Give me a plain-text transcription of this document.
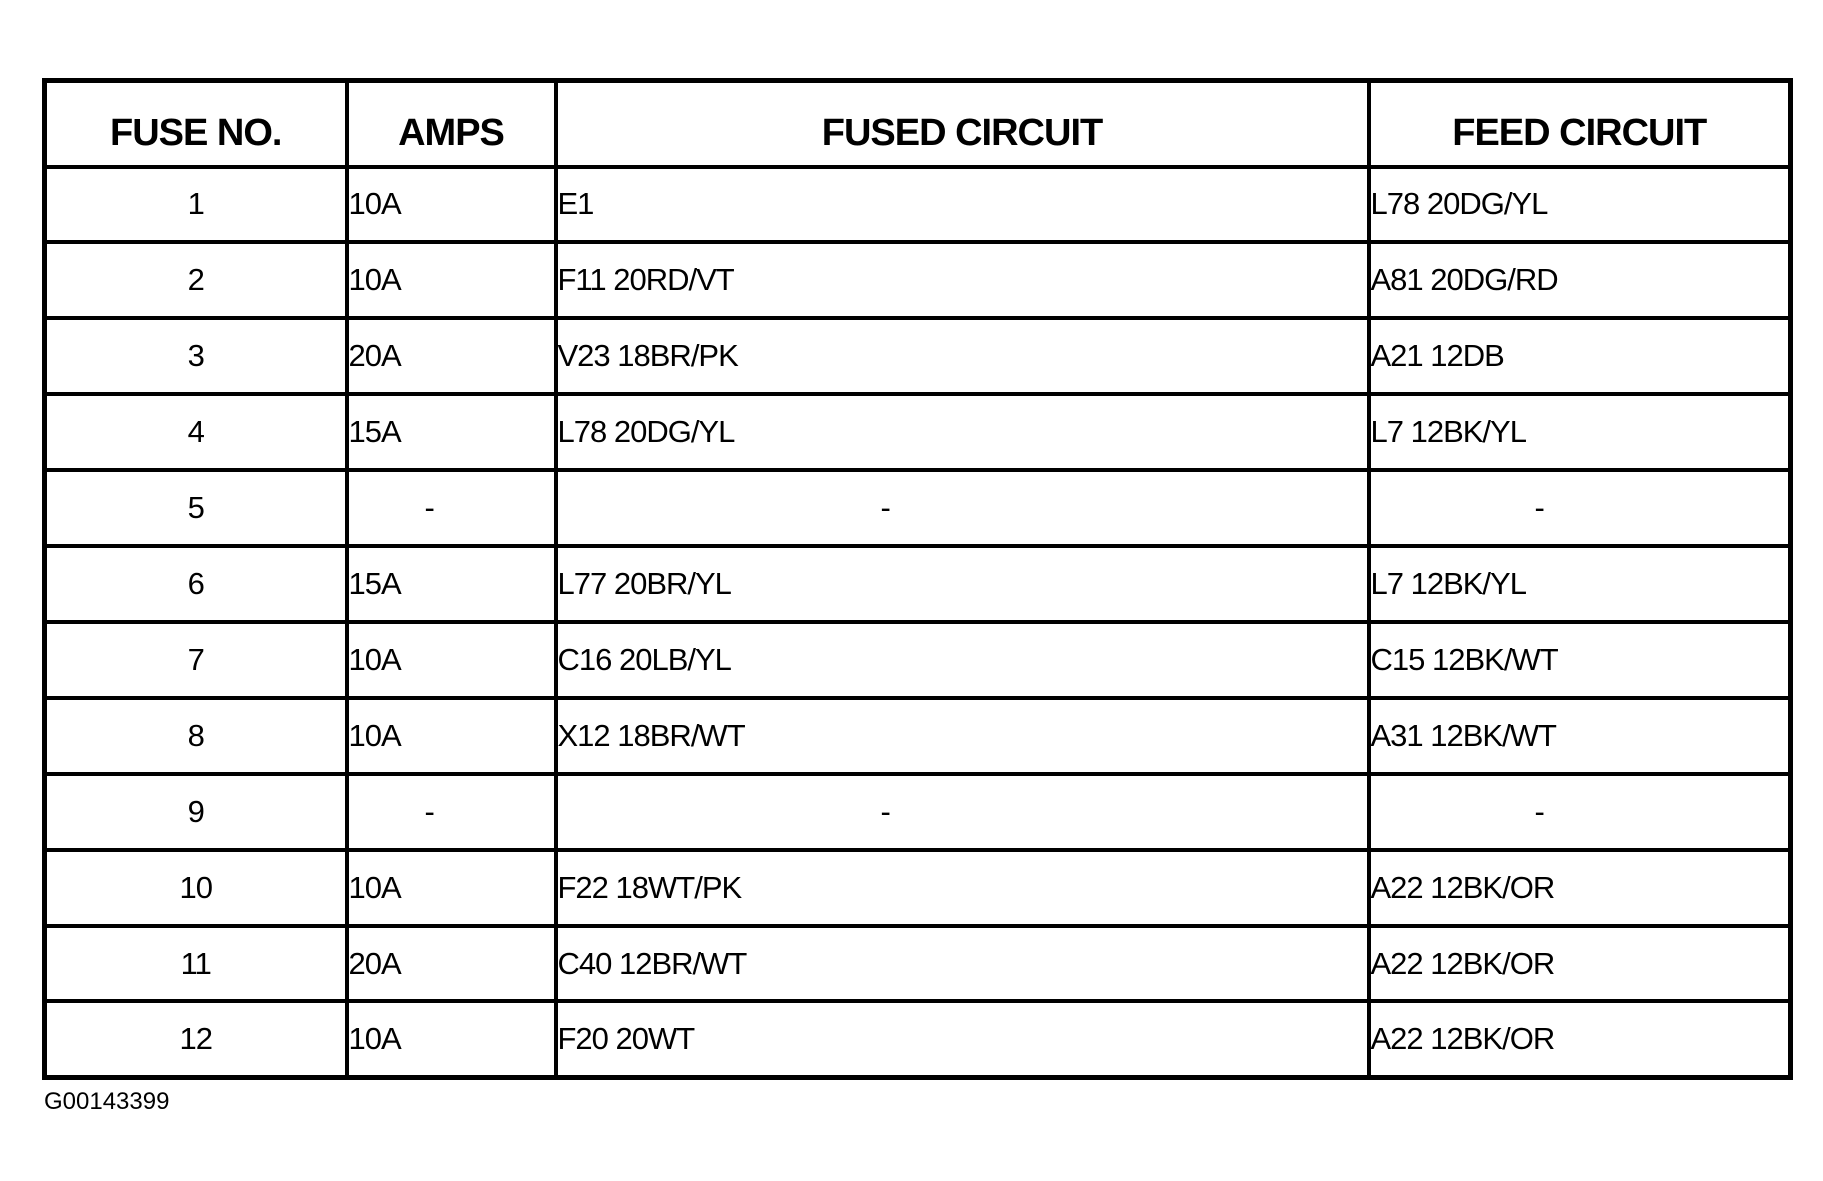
FUSE NO.	AMPS	FUSED CIRCUIT	FEED CIRCUIT
1	10A	E1	L78 20DG/YL
2	10A	F11 20RD/VT	A81 20DG/RD
3	20A	V23 18BR/PK	A21 12DB
4	15A	L78 20DG/YL	L7 12BK/YL
5	-	-	-
6	15A	L77 20BR/YL	L7 12BK/YL
7	10A	C16 20LB/YL	C15 12BK/WT
8	10A	X12 18BR/WT	A31 12BK/WT
9	-	-	-
10	10A	F22 18WT/PK	A22 12BK/OR
11	20A	C40 12BR/WT	A22 12BK/OR
12	10A	F20 20WT	A22 12BK/OR
G00143399
